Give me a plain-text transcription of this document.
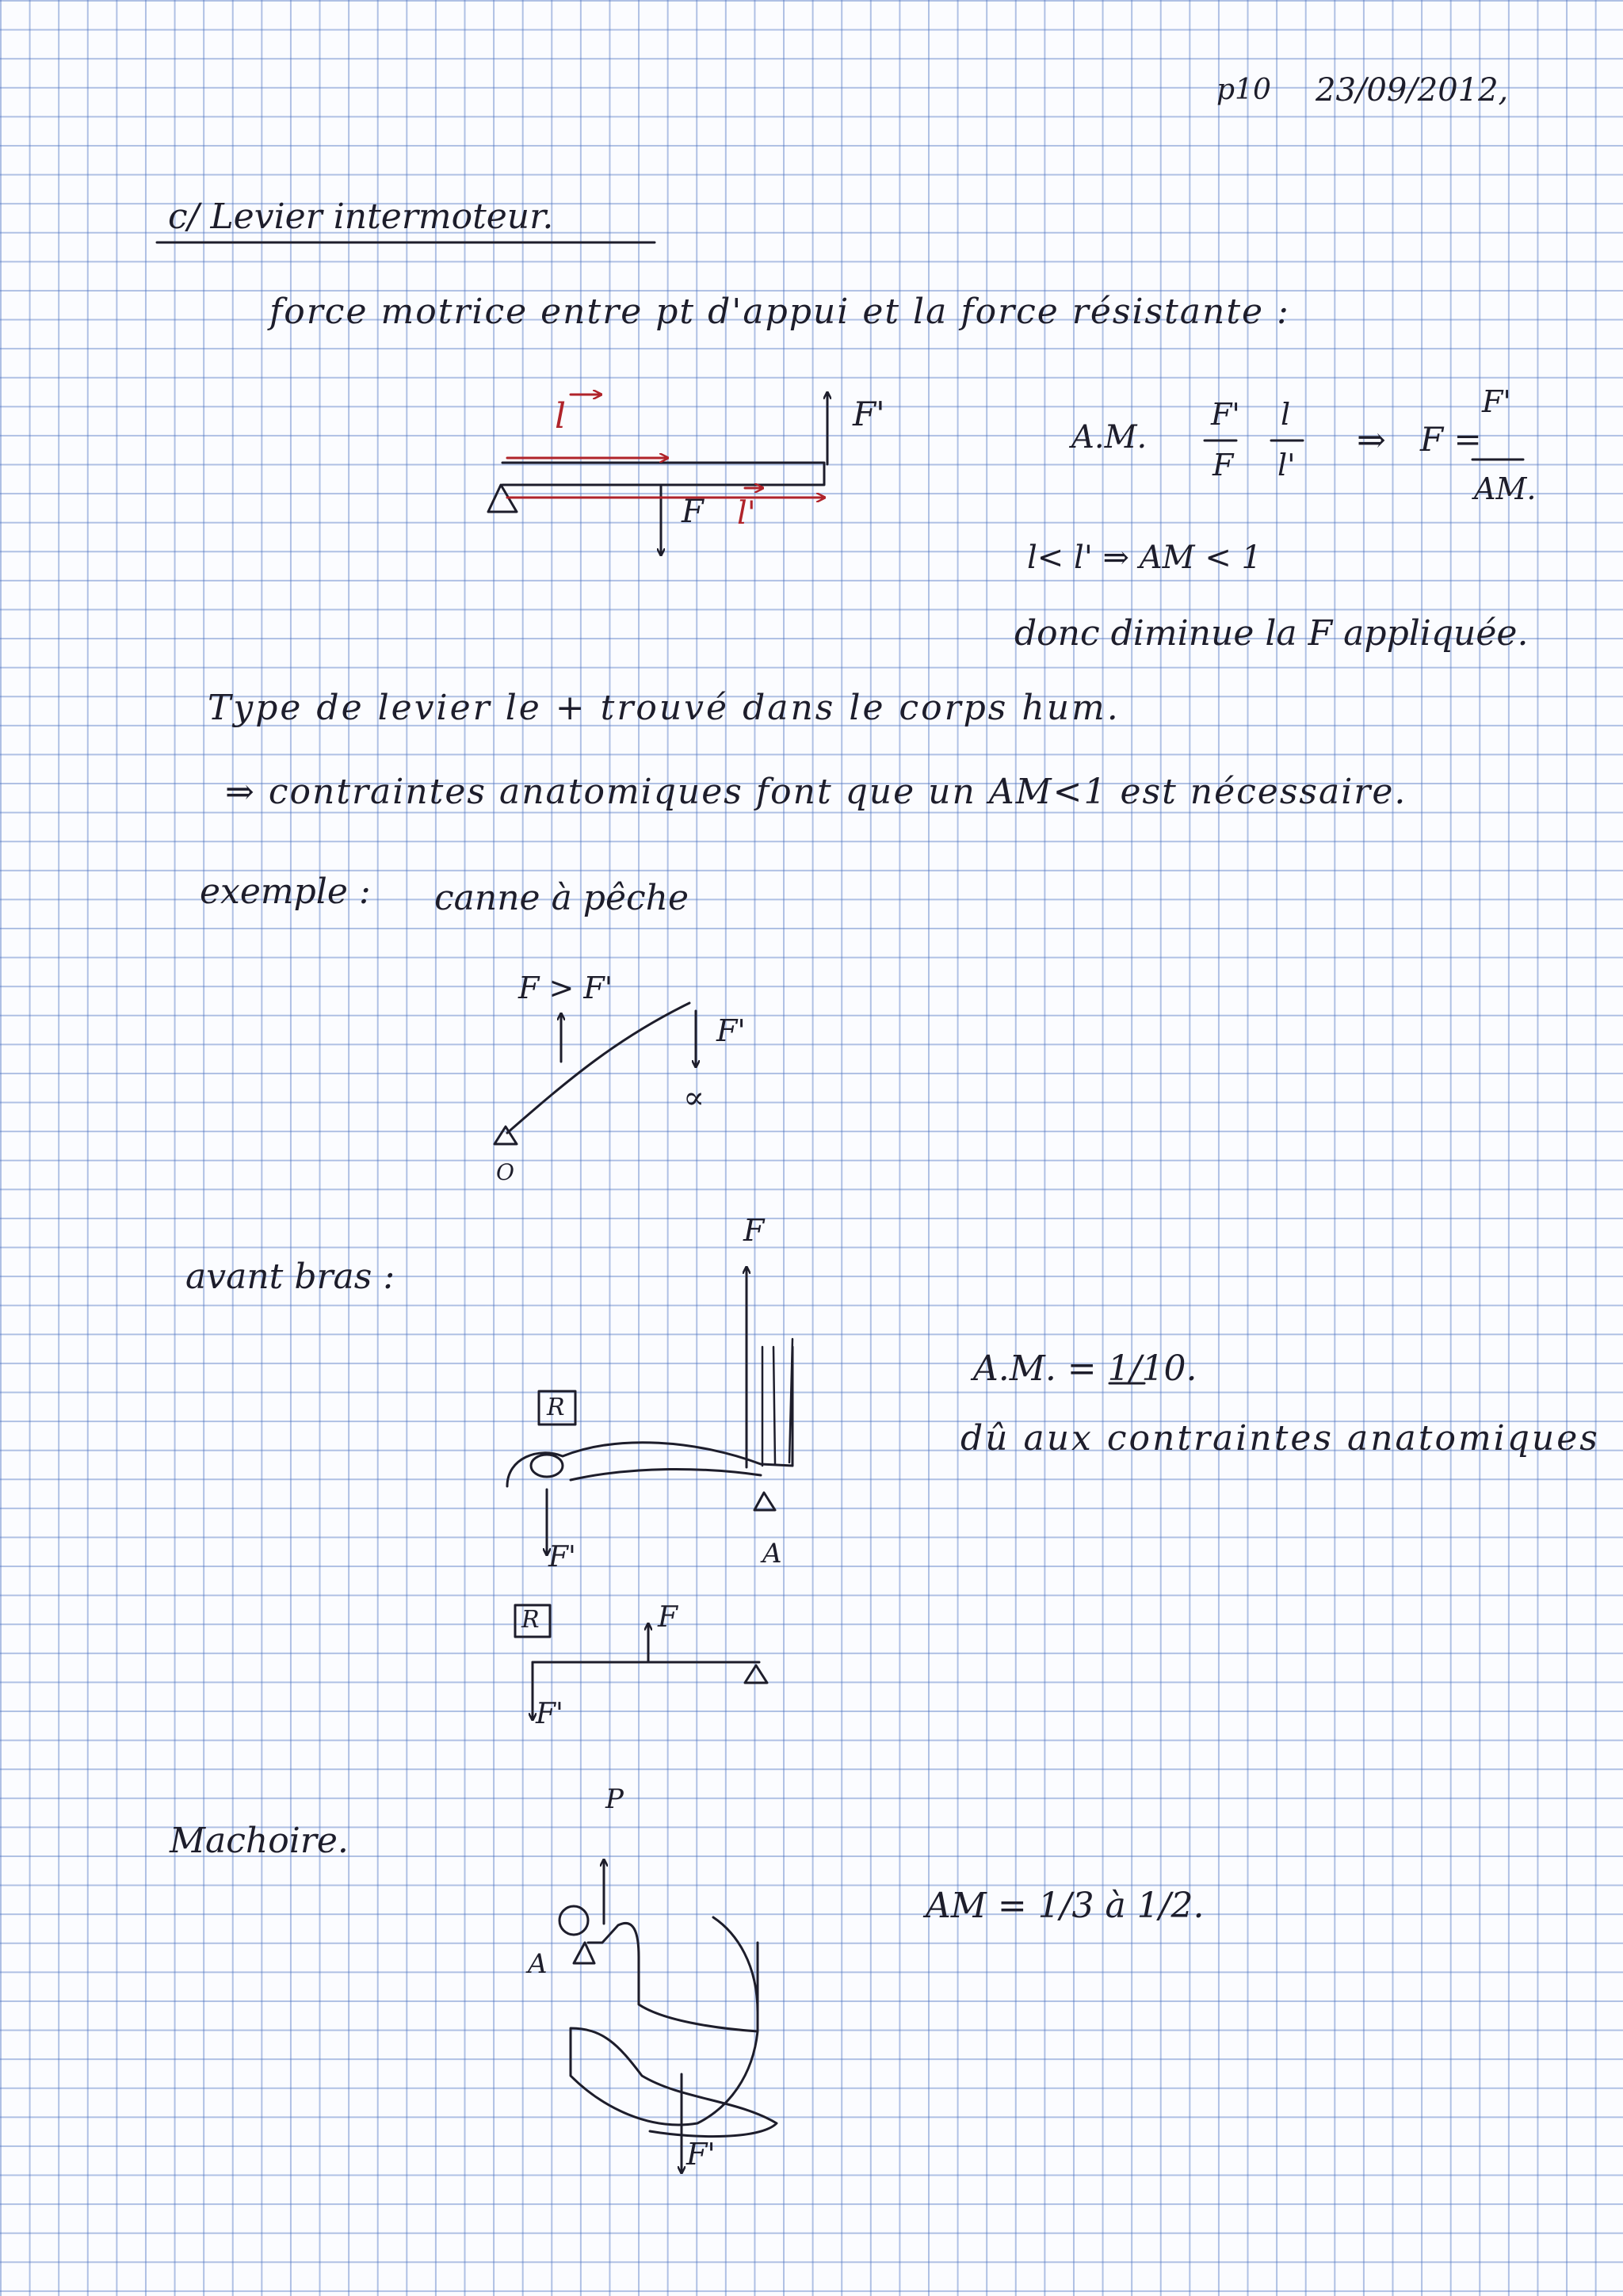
p10 23/09/2012,
c/ Levier intermoteur.
force motrice entre pt d'appui et la force résistante :
l	F'
F l'
A.M.
F'
F
l
l'
⇒ F =
F'
AM.
l< l' ⇒ AM < 1
donc diminue la F appliquée.
Type de levier le + trouvé dans le corps hum.
⇒ contraintes anatomiques font que un AM<1 est nécessaire.
exemple : canne à pêche
F > F'
F'
∝
O
avant bras :
F
R
F'	A
R	F
F'
A.M. = 1/10.
dû aux contraintes anatomiques
Machoire.
P
A
F'
AM = 1/3 à 1/2.
